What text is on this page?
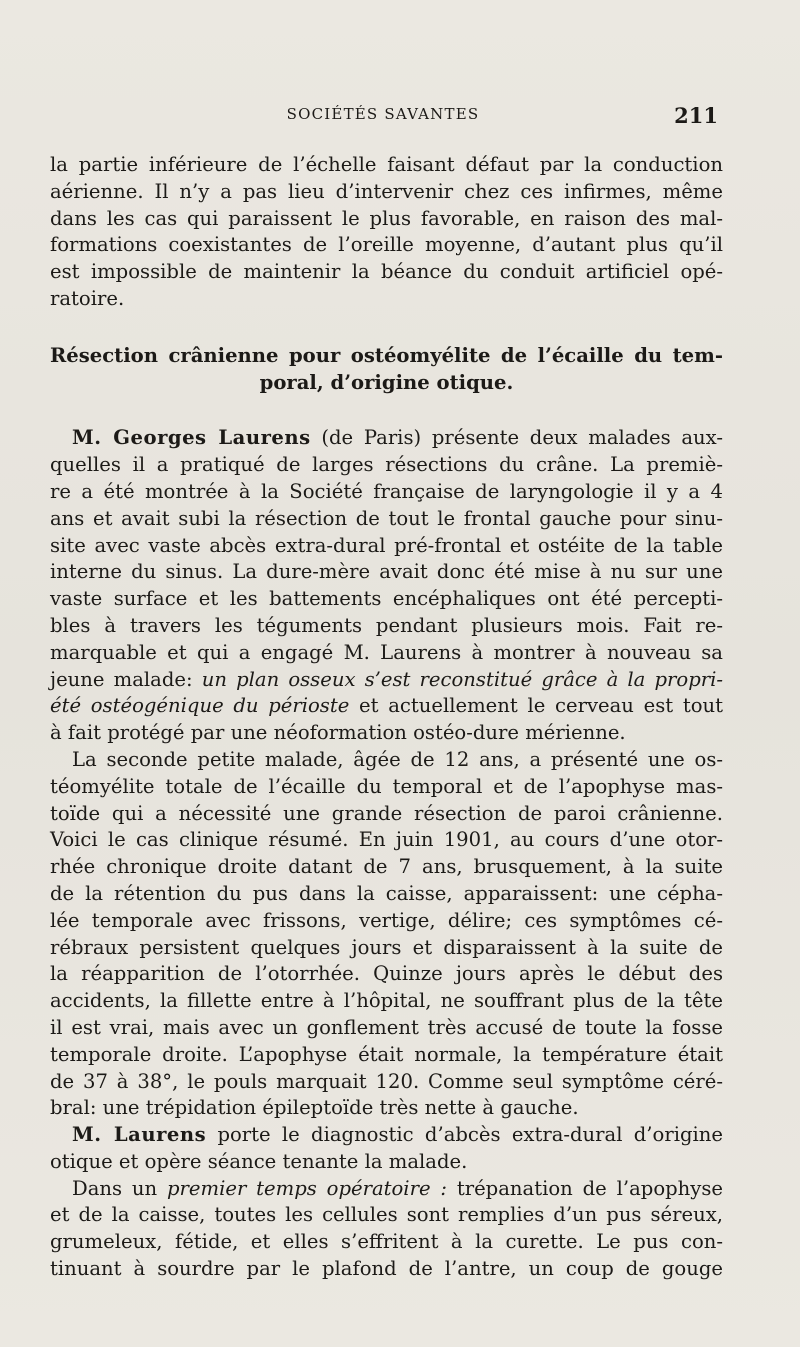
SOCIÉTÉS SAVANTES	211
la partie inférieure de l’échelle faisant défaut par la conduction
aérienne. Il n’y a pas lieu d’intervenir chez ces infirmes, même
dans les cas qui paraissent le plus favorable, en raison des mal-
formations coexistantes de l’oreille moyenne, d’autant plus qu’il
est impossible de maintenir la béance du conduit artificiel opé-
ratoire.
Résection crânienne pour ostéomyélite de l’écaille du tem-
poral, d’origine otique.
M. Georges Laurens (de Paris) présente deux malades aux-
quelles il a pratiqué de larges résections du crâne. La premiè-
re a été montrée à la Société française de laryngologie il y a 4
ans et avait subi la résection de tout le frontal gauche pour sinu-
site avec vaste abcès extra-dural pré-frontal et ostéite de la table
interne du sinus. La dure-mère avait donc été mise à nu sur une
vaste surface et les battements encéphaliques ont été percepti-
bles à travers les téguments pendant plusieurs mois. Fait re-
marquable et qui a engagé M. Laurens à montrer à nouveau sa
jeune malade: un plan osseux s’est reconstitué grâce à la propri-
été ostéogénique du périoste et actuellement le cerveau est tout
à fait protégé par une néoformation ostéo-dure mérienne.
La seconde petite malade, âgée de 12 ans, a présenté une os-
téomyélite totale de l’écaille du temporal et de l’apophyse mas-
toïde qui a nécessité une grande résection de paroi crânienne.
Voici le cas clinique résumé. En juin 1901, au cours d’une otor-
rhée chronique droite datant de 7 ans, brusquement, à la suite
de la rétention du pus dans la caisse, apparaissent: une cépha-
lée temporale avec frissons, vertige, délire; ces symptômes cé-
rébraux persistent quelques jours et disparaissent à la suite de
la réapparition de l’otorrhée. Quinze jours après le début des
accidents, la fillette entre à l’hôpital, ne souffrant plus de la tête
il est vrai, mais avec un gonflement très accusé de toute la fosse
temporale droite. L’apophyse était normale, la température était
de 37 à 38°, le pouls marquait 120. Comme seul symptôme céré-
bral: une trépidation épileptoïde très nette à gauche.
M. Laurens porte le diagnostic d’abcès extra-dural d’origine
otique et opère séance tenante la malade.
Dans un premier temps opératoire : trépanation de l’apophyse
et de la caisse, toutes les cellules sont remplies d’un pus séreux,
grumeleux, fétide, et elles s’effritent à la curette. Le pus con-
tinuant à sourdre par le plafond de l’antre, un coup de gouge
